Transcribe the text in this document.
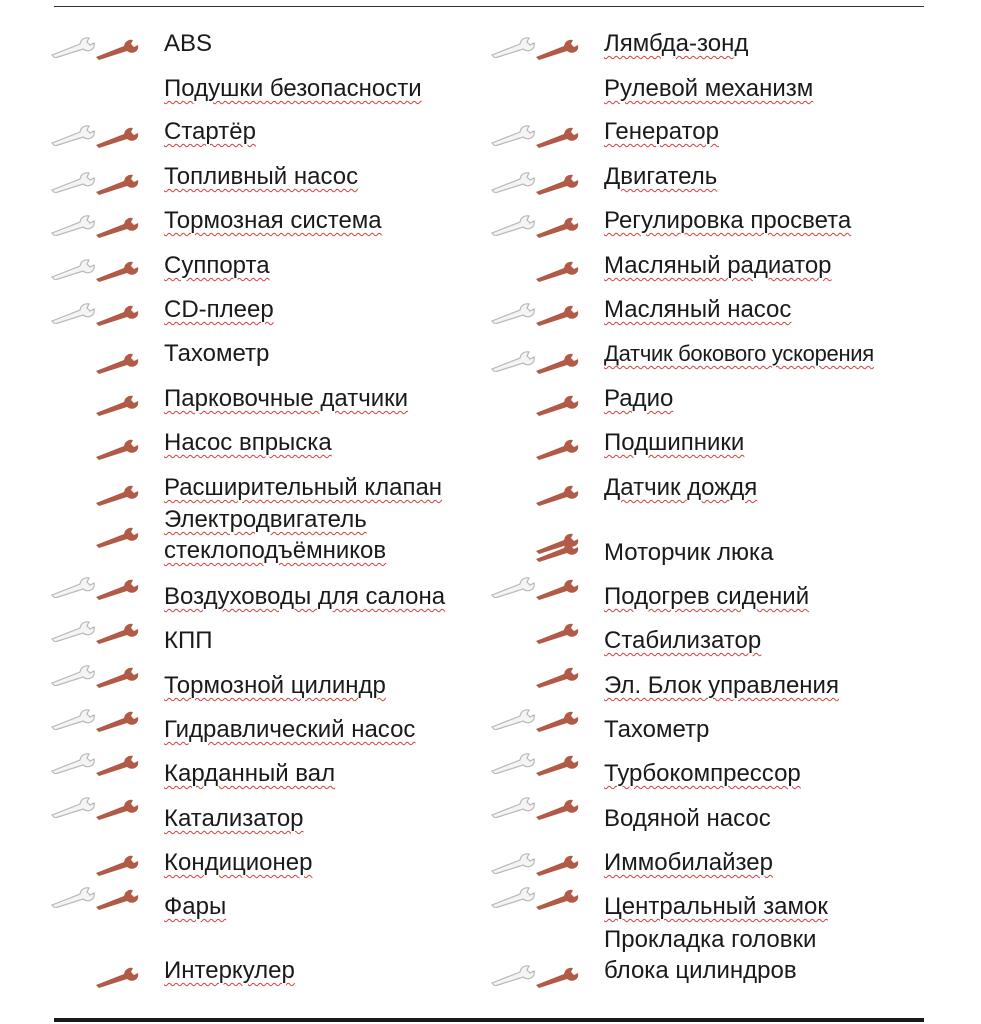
ABS
Подушки безопасности
Стартёр
Топливный насос
Тормозная система
Суппорта
CD-плеер
Тахометр
Парковочные датчики
Насос впрыска
Расширительный клапан
Электродвигатель
стеклоподъёмников
Воздуховоды для салона
КПП
Тормозной цилиндр
Гидравлический насос
Карданный вал
Катализатор
Кондиционер
Фары
Интеркулер
Лямбда-зонд
Рулевой механизм
Генератор
Двигатель
Регулировка просвета
Масляный радиатор
Масляный насос
Датчик бокового ускорения
Радио
Подшипники
Датчик дождя
Моторчик люка
Подогрев сидений
Стабилизатор
Эл. Блок управления
Тахометр
Турбокомпрессор
Водяной насос
Иммобилайзер
Центральный замок
Прокладка головки
блока цилиндров
